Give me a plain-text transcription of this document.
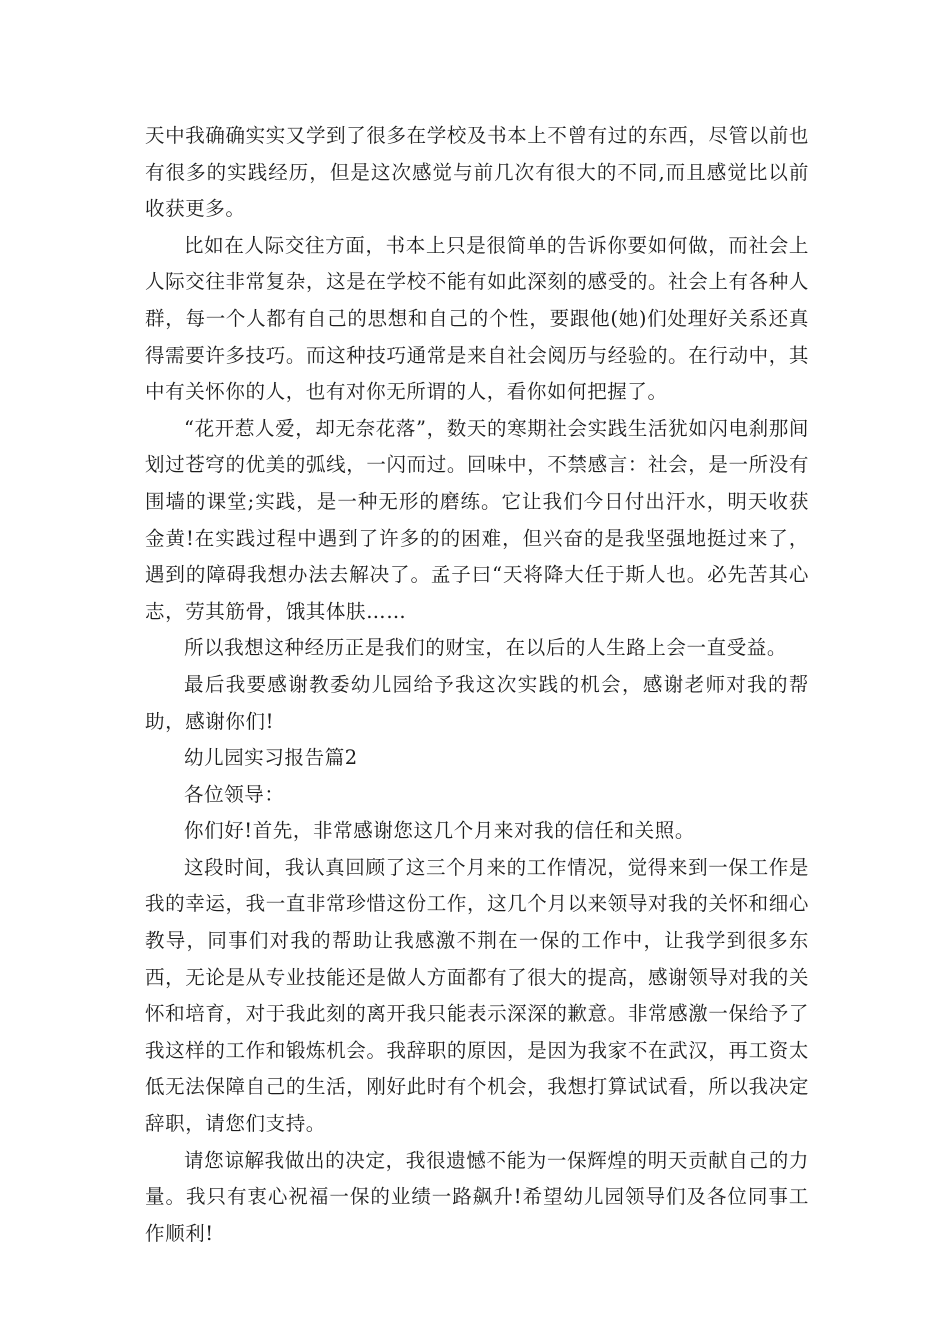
天中我确确实实又学到了很多在学校及书本上不曾有过的东西，尽管以前也有很多的实践经历，但是这次感觉与前几次有很大的不同,而且感觉比以前收获更多。

比如在人际交往方面，书本上只是很简单的告诉你要如何做，而社会上人际交往非常复杂，这是在学校不能有如此深刻的感受的。社会上有各种人群，每一个人都有自己的思想和自己的个性，要跟他(她)们处理好关系还真得需要许多技巧。而这种技巧通常是来自社会阅历与经验的。在行动中，其中有关怀你的人，也有对你无所谓的人，看你如何把握了。

“花开惹人爱，却无奈花落”，数天的寒期社会实践生活犹如闪电刹那间划过苍穹的优美的弧线，一闪而过。回味中，不禁感言：社会，是一所没有围墙的课堂;实践，是一种无形的磨练。它让我们今日付出汗水，明天收获金黄!在实践过程中遇到了许多的的困难，但兴奋的是我坚强地挺过来了，遇到的障碍我想办法去解决了。孟子曰“天将降大任于斯人也。必先苦其心志，劳其筋骨，饿其体肤……

所以我想这种经历正是我们的财宝，在以后的人生路上会一直受益。

最后我要感谢教委幼儿园给予我这次实践的机会，感谢老师对我的帮助，感谢你们!

幼儿园实习报告篇2

各位领导：

你们好!首先，非常感谢您这几个月来对我的信任和关照。

这段时间，我认真回顾了这三个月来的工作情况，觉得来到一保工作是我的幸运，我一直非常珍惜这份工作，这几个月以来领导对我的关怀和细心教导，同事们对我的帮助让我感激不荆在一保的工作中，让我学到很多东西，无论是从专业技能还是做人方面都有了很大的提高，感谢领导对我的关怀和培育，对于我此刻的离开我只能表示深深的歉意。非常感激一保给予了我这样的工作和锻炼机会。我辞职的原因，是因为我家不在武汉，再工资太低无法保障自己的生活，刚好此时有个机会，我想打算试试看，所以我决定辞职，请您们支持。

请您谅解我做出的决定，我很遗憾不能为一保辉煌的明天贡献自己的力量。我只有衷心祝福一保的业绩一路飙升!希望幼儿园领导们及各位同事工作顺利!
